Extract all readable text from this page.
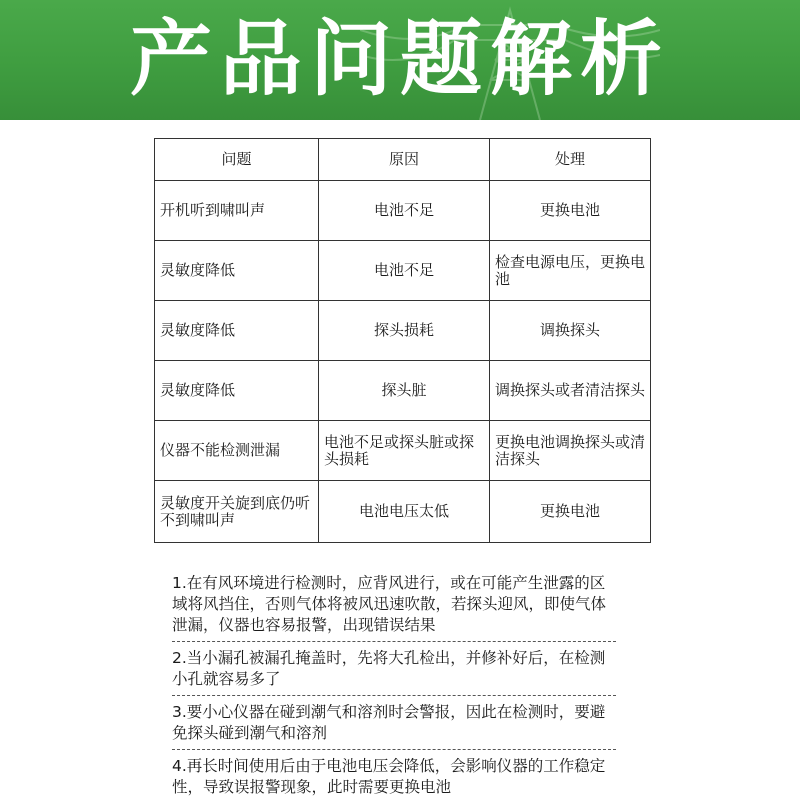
产品问题解析
问题	原因	处理
开机听到啸叫声	电池不足	更换电池
灵敏度降低	电池不足	检查电源电压，更换电池
灵敏度降低	探头损耗	调换探头
灵敏度降低	探头脏	调换探头或者清洁探头
仪器不能检测泄漏	电池不足或探头脏或探头损耗	更换电池调换探头或清洁探头
灵敏度开关旋到底仍听不到啸叫声	电池电压太低	更换电池
1.在有风环境进行检测时，应背风进行，或在可能产生泄露的区域将风挡住，否则气体将被风迅速吹散，若探头迎风，即使气体泄漏，仪器也容易报警，出现错误结果
2.当小漏孔被漏孔掩盖时，先将大孔检出，并修补好后，在检测小孔就容易多了
3.要小心仪器在碰到潮气和溶剂时会警报，因此在检测时，要避免探头碰到潮气和溶剂
4.再长时间使用后由于电池电压会降低，会影响仪器的工作稳定性，导致误报警现象，此时需要更换电池
